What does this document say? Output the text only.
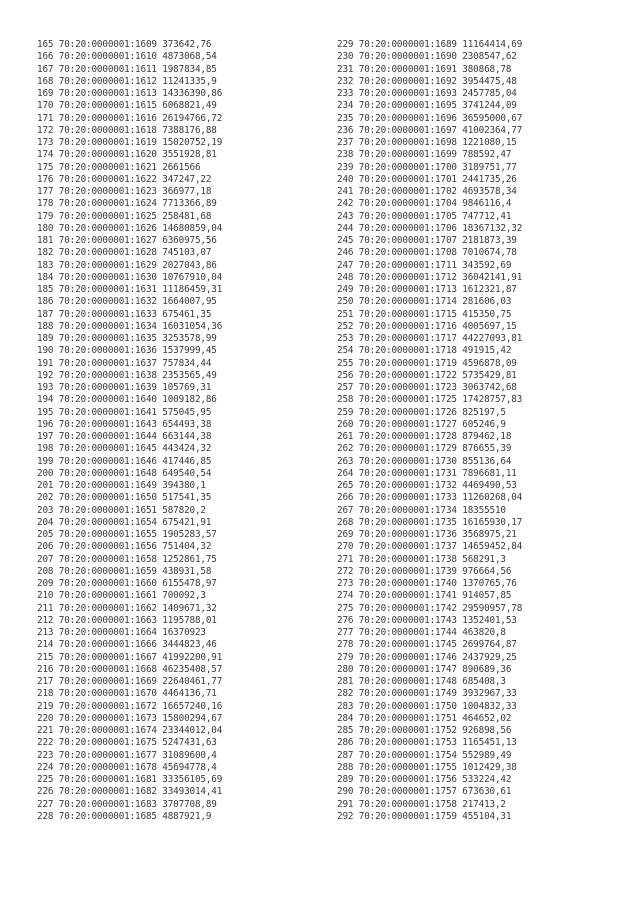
165 70:20:0000001:1609 373642,76
166 70:20:0000001:1610 4873068,54
167 70:20:0000001:1611 1987834,85
168 70:20:0000001:1612 11241335,9
169 70:20:0000001:1613 14336390,86
170 70:20:0000001:1615 6068821,49
171 70:20:0000001:1616 26194766,72
172 70:20:0000001:1618 7388176,88
173 70:20:0000001:1619 15020752,19
174 70:20:0000001:1620 3551928,81
175 70:20:0000001:1621 2661566
176 70:20:0000001:1622 347247,22
177 70:20:0000001:1623 366977,18
178 70:20:0000001:1624 7713366,89
179 70:20:0000001:1625 258481,68
180 70:20:0000001:1626 14680859,04
181 70:20:0000001:1627 6360975,56
182 70:20:0000001:1628 745103,07
183 70:20:0000001:1629 2027043,86
184 70:20:0000001:1630 10767910,04
185 70:20:0000001:1631 11186459,31
186 70:20:0000001:1632 1664007,95
187 70:20:0000001:1633 675461,35
188 70:20:0000001:1634 16031054,36
189 70:20:0000001:1635 3253578,99
190 70:20:0000001:1636 1537999,45
191 70:20:0000001:1637 757834,44
192 70:20:0000001:1638 2353565,49
193 70:20:0000001:1639 105769,31
194 70:20:0000001:1640 1009182,86
195 70:20:0000001:1641 575045,95
196 70:20:0000001:1643 654493,38
197 70:20:0000001:1644 663144,38
198 70:20:0000001:1645 443424,32
199 70:20:0000001:1646 417446,85
200 70:20:0000001:1648 649540,54
201 70:20:0000001:1649 394380,1
202 70:20:0000001:1650 517541,35
203 70:20:0000001:1651 587820,2
204 70:20:0000001:1654 675421,91
205 70:20:0000001:1655 1905283,57
206 70:20:0000001:1656 751404,32
207 70:20:0000001:1658 1252861,75
208 70:20:0000001:1659 438931,58
209 70:20:0000001:1660 6155478,97
210 70:20:0000001:1661 700092,3
211 70:20:0000001:1662 1409671,32
212 70:20:0000001:1663 1195788,01
213 70:20:0000001:1664 16370923
214 70:20:0000001:1666 3444823,46
215 70:20:0000001:1667 41992200,91
216 70:20:0000001:1668 46235408,57
217 70:20:0000001:1669 22640461,77
218 70:20:0000001:1670 4464136,71
219 70:20:0000001:1672 16657240,16
220 70:20:0000001:1673 15800294,67
221 70:20:0000001:1674 23344012,04
222 70:20:0000001:1675 5247431,63
223 70:20:0000001:1677 31089600,4
224 70:20:0000001:1678 45694778,4
225 70:20:0000001:1681 33356105,69
226 70:20:0000001:1682 33493014,41
227 70:20:0000001:1683 3707708,89
228 70:20:0000001:1685 4887921,9
229 70:20:0000001:1689 11164414,69
230 70:20:0000001:1690 2308547,62
231 70:20:0000001:1691 380868,78
232 70:20:0000001:1692 3954475,48
233 70:20:0000001:1693 2457785,04
234 70:20:0000001:1695 3741244,09
235 70:20:0000001:1696 36595000,67
236 70:20:0000001:1697 41002364,77
237 70:20:0000001:1698 1221080,15
238 70:20:0000001:1699 788592,47
239 70:20:0000001:1700 3189751,77
240 70:20:0000001:1701 2441735,26
241 70:20:0000001:1702 4693578,34
242 70:20:0000001:1704 9846116,4
243 70:20:0000001:1705 747712,41
244 70:20:0000001:1706 18367132,32
245 70:20:0000001:1707 2181873,39
246 70:20:0000001:1708 7010674,78
247 70:20:0000001:1711 343592,69
248 70:20:0000001:1712 36042141,91
249 70:20:0000001:1713 1612321,87
250 70:20:0000001:1714 281606,03
251 70:20:0000001:1715 415350,75
252 70:20:0000001:1716 4005697,15
253 70:20:0000001:1717 44227093,81
254 70:20:0000001:1718 491915,42
255 70:20:0000001:1719 4596878,09
256 70:20:0000001:1722 5735429,81
257 70:20:0000001:1723 3063742,68
258 70:20:0000001:1725 17428757,83
259 70:20:0000001:1726 825197,5
260 70:20:0000001:1727 605246,9
261 70:20:0000001:1728 879462,18
262 70:20:0000001:1729 876655,39
263 70:20:0000001:1730 855136,64
264 70:20:0000001:1731 7896681,11
265 70:20:0000001:1732 4469490,53
266 70:20:0000001:1733 11260268,04
267 70:20:0000001:1734 18355510
268 70:20:0000001:1735 16165930,17
269 70:20:0000001:1736 3568975,21
270 70:20:0000001:1737 14659452,84
271 70:20:0000001:1738 568291,3
272 70:20:0000001:1739 976664,56
273 70:20:0000001:1740 1370765,76
274 70:20:0000001:1741 914057,85
275 70:20:0000001:1742 29590957,78
276 70:20:0000001:1743 1352401,53
277 70:20:0000001:1744 463820,8
278 70:20:0000001:1745 2699764,87
279 70:20:0000001:1746 2437929,25
280 70:20:0000001:1747 890689,36
281 70:20:0000001:1748 685408,3
282 70:20:0000001:1749 3932967,33
283 70:20:0000001:1750 1004832,33
284 70:20:0000001:1751 464652,02
285 70:20:0000001:1752 926898,56
286 70:20:0000001:1753 1165451,13
287 70:20:0000001:1754 552989,49
288 70:20:0000001:1755 1012429,38
289 70:20:0000001:1756 533224,42
290 70:20:0000001:1757 673630,61
291 70:20:0000001:1758 217413,2
292 70:20:0000001:1759 455104,31
